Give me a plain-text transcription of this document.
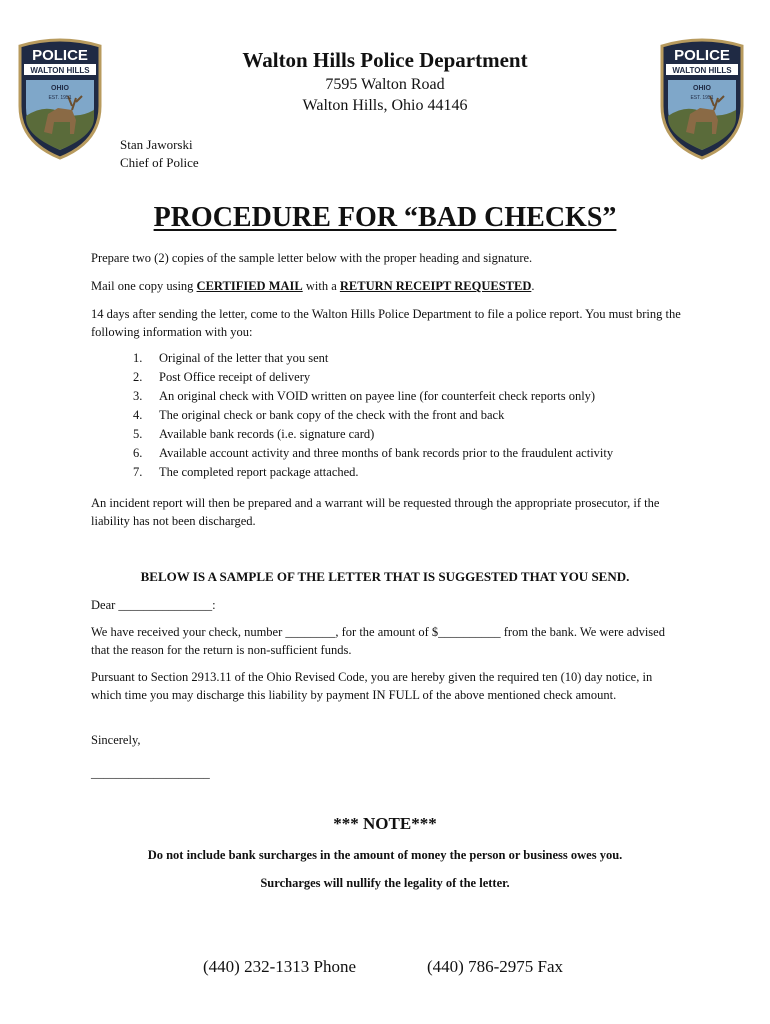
POLICE
WALTON HILLS
OHIO
EST. 1951
POLICE
WALTON HILLS
OHIO
EST. 1951
Walton Hills Police Department
7595 Walton Road
Walton Hills, Ohio 44146
Stan Jaworski
Chief of Police
PROCEDURE FOR “BAD CHECKS”
Prepare two (2) copies of the sample letter below with the proper heading and signature.
Mail one copy using CERTIFIED MAIL with a RETURN RECEIPT REQUESTED.
14 days after sending the letter, come to the Walton Hills Police Department to file a police report. You must bring the following information with you:
1. Original of the letter that you sent
2. Post Office receipt of delivery
3. An original check with VOID written on payee line (for counterfeit check reports only)
4. The original check or bank copy of the check with the front and back
5. Available bank records (i.e. signature card)
6. Available account activity and three months of bank records prior to the fraudulent activity
7. The completed report package attached.
An incident report will then be prepared and a warrant will be requested through the appropriate prosecutor, if the liability has not been discharged.
BELOW IS A SAMPLE OF THE LETTER THAT IS SUGGESTED THAT YOU SEND.
Dear _______________:
We have received your check, number ________, for the amount of $__________ from the bank. We were advised that the reason for the return is non-sufficient funds.
Pursuant to Section 2913.11 of the Ohio Revised Code, you are hereby given the required ten (10) day notice, in which time you may discharge this liability by payment IN FULL of the above mentioned check amount.
Sincerely,
___________________
*** NOTE***
Do not include bank surcharges in the amount of money the person or business owes you.
Surcharges will nullify the legality of the letter.
(440) 232-1313 Phone	(440) 786-2975 Fax
